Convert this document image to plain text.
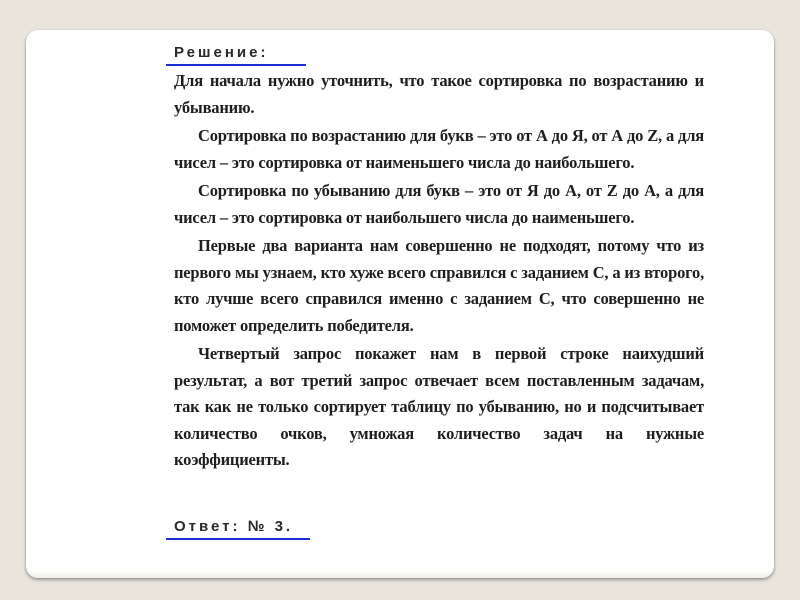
Решение:

Для начала нужно уточнить, что такое сортировка по возрастанию и убыванию.

Сортировка по возрастанию для букв – это от А до Я, от А до Z, а для чисел – это сортировка от наименьшего числа до наибольшего.

Сортировка по убыванию для букв – это от Я до А, от Z до А, а для чисел – это сортировка от наибольшего числа до наименьшего.

Первые два варианта нам совершенно не подходят, потому что из первого мы узнаем, кто хуже всего справился с заданием С, а из второго, кто лучше всего справился именно с заданием С, что совершенно не поможет определить победителя.

Четвертый запрос покажет нам в первой строке наихудший результат, а вот третий запрос отвечает всем поставленным задачам, так как не только сортирует таблицу по убыванию, но и подсчитывает количество очков, умножая количество задач на нужные коэффициенты.

Ответ: № 3.
